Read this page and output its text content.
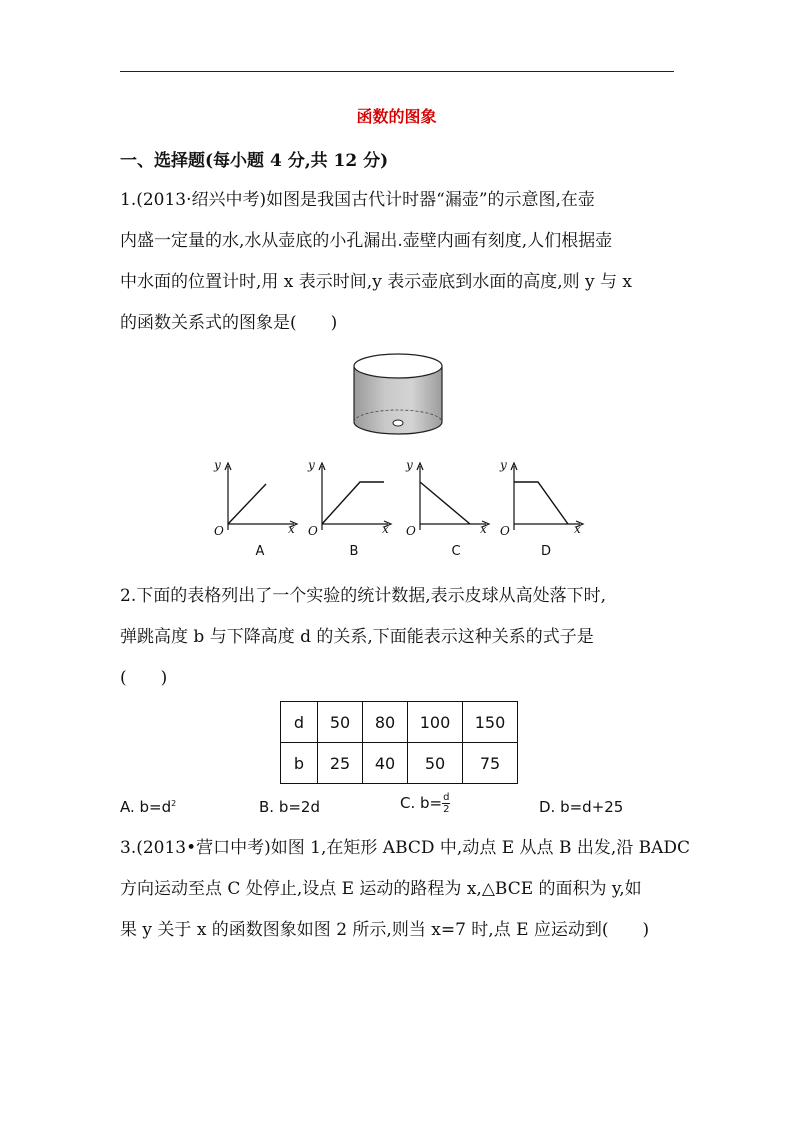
函数的图象
一、选择题(每小题 4 分,共 12 分)
1.(2013·绍兴中考)如图是我国古代计时器“漏壶”的示意图,在壶
内盛一定量的水,水从壶底的小孔漏出.壶壁内画有刻度,人们根据壶
中水面的位置计时,用 x 表示时间,y 表示壶底到水面的高度,则 y 与 x
的函数关系式的图象是(　　)
y
x
O
A
y
x
O
B
y
x
O
C
y
x
O
D
2.下面的表格列出了一个实验的统计数据,表示皮球从高处落下时,
弹跳高度 b 与下降高度 d 的关系,下面能表示这种关系的式子是
(　　)
d	50	80	100	150
b	25	40	50	75
A. $b=d^2$	B. b=2d	C. $b= \frac{d}{2}$	D. b=d+25
3.(2013•营口中考)如图 1,在矩形 ABCD 中,动点 E 从点 B 出发,沿 BADC
方向运动至点 C 处停止,设点 E 运动的路程为 x,△BCE 的面积为 y,如
果 y 关于 x 的函数图象如图 2 所示,则当 x=7 时,点 E 应运动到(　　)
